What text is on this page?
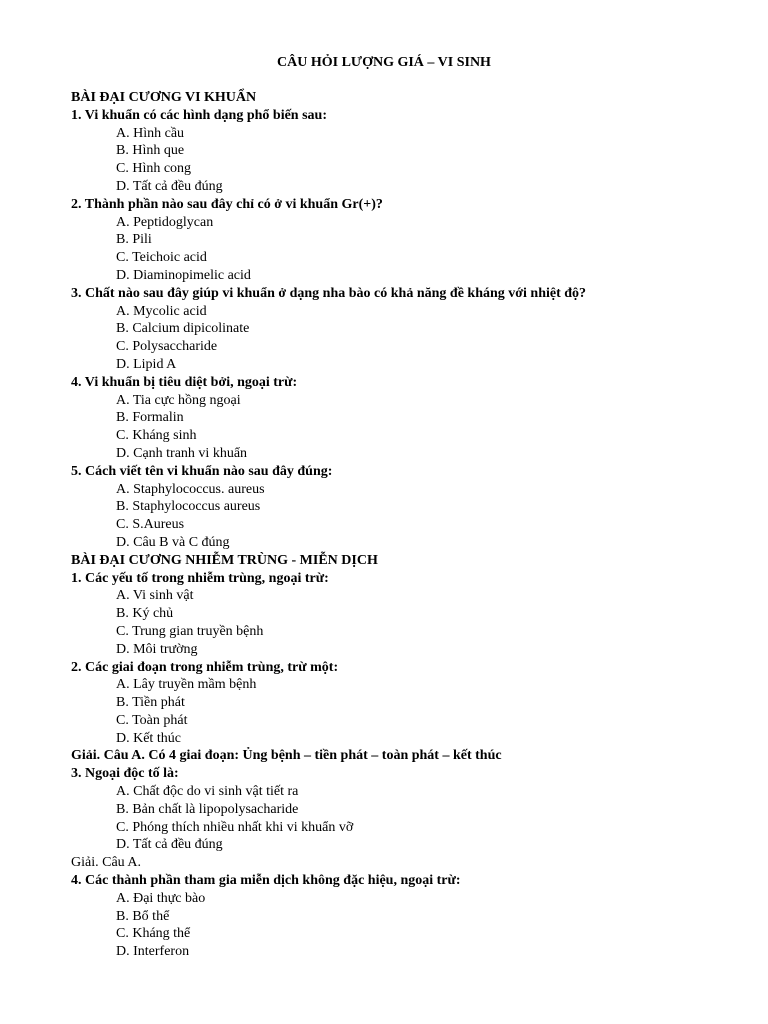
CÂU HỎI LƯỢNG GIÁ – VI SINH
BÀI ĐẠI CƯƠNG VI KHUẨN
1. Vi khuẩn có các hình dạng phổ biến sau:
A. Hình cầu
B. Hình que
C. Hình cong
D. Tất cả đều đúng
2. Thành phần nào sau đây chỉ có ở vi khuẩn Gr(+)?
A. Peptidoglycan
B. Pili
C. Teichoic acid
D. Diaminopimelic acid
3. Chất nào sau đây giúp vi khuẩn ở dạng nha bào có khả năng đề kháng với nhiệt độ?
A. Mycolic acid
B. Calcium dipicolinate
C. Polysaccharide
D. Lipid A
4. Vi khuẩn bị tiêu diệt bởi, ngoại trừ:
A. Tia cực hồng ngoại
B. Formalin
C. Kháng sinh
D. Cạnh tranh vi khuẩn
5. Cách viết tên vi khuẩn nào sau đây đúng:
A. Staphylococcus. aureus
B. Staphylococcus aureus
C. S.Aureus
D. Câu B và C đúng
BÀI ĐẠI CƯƠNG NHIỄM TRÙNG - MIỄN DỊCH
1. Các yếu tố trong nhiễm trùng, ngoại trừ:
A. Vi sinh vật
B. Ký chủ
C. Trung gian truyền bệnh
D. Môi trường
2. Các giai đoạn trong nhiễm trùng, trừ một:
A. Lây truyền mầm bệnh
B. Tiền phát
C. Toàn phát
D. Kết thúc
Giải. Câu A. Có 4 giai đoạn: Ủng bệnh – tiền phát – toàn phát – kết thúc
3. Ngoại độc tố là:
A. Chất độc do vi sinh vật tiết ra
B. Bản chất là lipopolysacharide
C. Phóng thích nhiều nhất khi vi khuẩn vỡ
D. Tất cả đều đúng
Giải. Câu A.
4. Các thành phần tham gia miễn dịch không đặc hiệu, ngoại trừ:
A. Đại thực bào
B. Bổ thể
C. Kháng thể
D. Interferon
